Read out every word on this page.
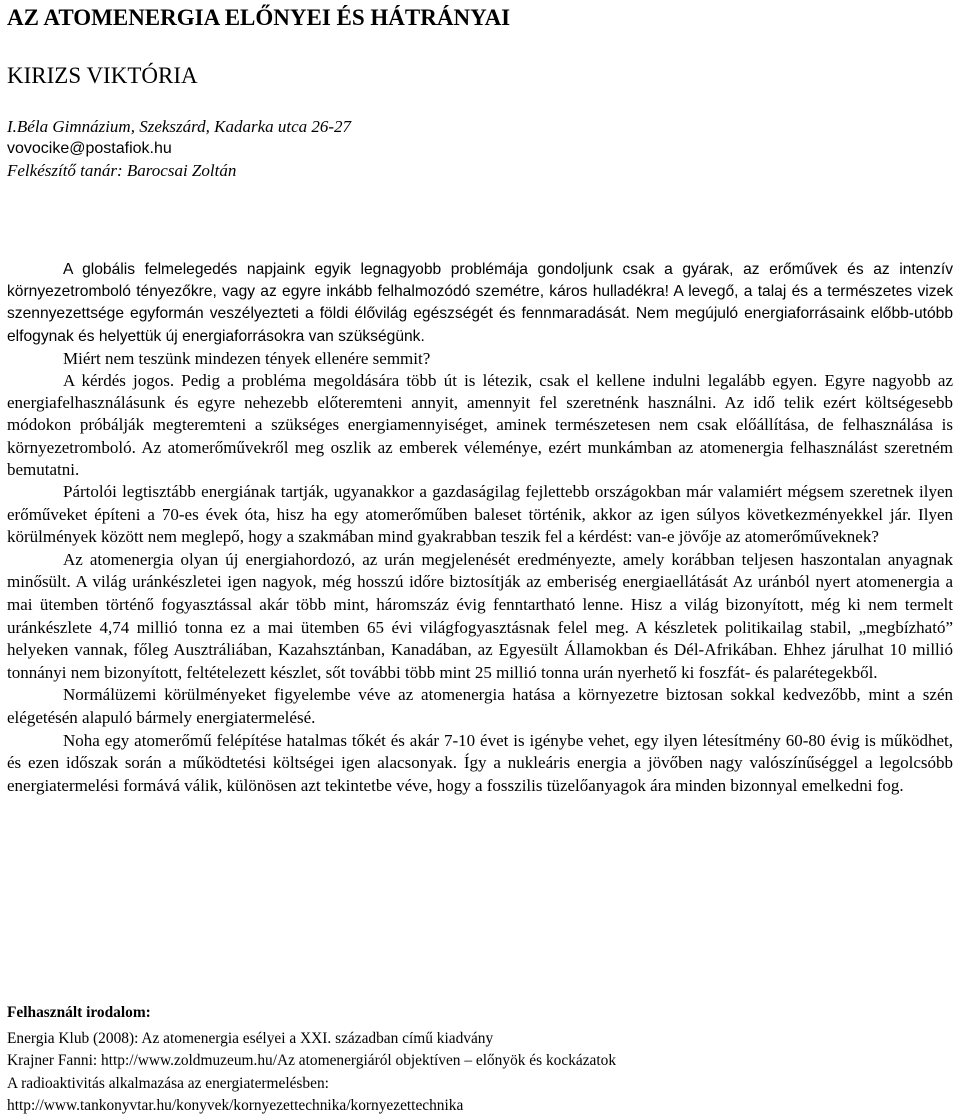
AZ ATOMENERGIA ELŐNYEI ÉS HÁTRÁNYAI
KIRIZS VIKTÓRIA
I.Béla Gimnázium, Szekszárd, Kadarka utca 26-27
vovocike@postafiok.hu
Felkészítő tanár: Barocsai Zoltán

A globális felmelegedés napjaink egyik legnagyobb problémája gondoljunk csak a gyárak, az erőművek és az intenzív környezetromboló tényezőkre, vagy az egyre inkább felhalmozódó szemétre, káros hulladékra! A levegő, a talaj és a természetes vizek szennyezettsége egyformán veszélyezteti a földi élővilág egészségét és fennmaradását. Nem megújuló energiaforrásaink előbb-utóbb elfogynak és helyettük új energiaforrásokra van szükségünk.

Miért nem teszünk mindezen tények ellenére semmit?

A kérdés jogos. Pedig a probléma megoldására több út is létezik, csak el kellene indulni legalább egyen. Egyre nagyobb az energiafelhasználásunk és egyre nehezebb előteremteni annyit, amennyit fel szeretnénk használni. Az idő telik ezért költségesebb módokon próbálják megteremteni a szükséges energiamennyiséget, aminek természetesen nem csak előállítása, de felhasználása is környezetromboló. Az atomerőművekről meg oszlik az emberek véleménye, ezért munkámban az atomenergia felhasználást szeretném bemutatni.

Pártolói legtisztább energiának tartják, ugyanakkor a gazdaságilag fejlettebb országokban már valamiért mégsem szeretnek ilyen erőműveket építeni a 70-es évek óta, hisz ha egy atomerőműben baleset történik, akkor az igen súlyos következményekkel jár. Ilyen körülmények között nem meglepő, hogy a szakmában mind gyakrabban teszik fel a kérdést: van-e jövője az atomerőműveknek?

Az atomenergia olyan új energiahordozó, az urán megjelenését eredményezte, amely korábban teljesen haszontalan anyagnak minősült. A világ uránkészletei igen nagyok, még hosszú időre biztosítják az emberiség energiaellátását Az uránból nyert atomenergia a mai ütemben történő fogyasztással akár több mint, háromszáz évig fenntartható lenne. Hisz a világ bizonyított, még ki nem termelt uránkészlete 4,74 millió tonna ez a mai ütemben 65 évi világfogyasztásnak felel meg. A készletek politikailag stabil, „megbízható” helyeken vannak, főleg Ausztráliában, Kazahsztánban, Kanadában, az Egyesült Államokban és Dél-Afrikában. Ehhez járulhat 10 millió tonnányi nem bizonyított, feltételezett készlet, sőt további több mint 25 millió tonna urán nyerhető ki foszfát- és palarétegekből.

Normálüzemi körülményeket figyelembe véve az atomenergia hatása a környezetre biztosan sokkal kedvezőbb, mint a szén elégetésén alapuló bármely energiatermelésé.

Noha egy atomerőmű felépítése hatalmas tőkét és akár 7-10 évet is igénybe vehet, egy ilyen létesítmény 60-80 évig is működhet, és ezen időszak során a működtetési költségei igen alacsonyak. Így a nukleáris energia a jövőben nagy valószínűséggel a legolcsóbb energiatermelési formává válik, különösen azt tekintetbe véve, hogy a fosszilis tüzelőanyagok ára minden bizonnyal emelkedni fog.

Felhasznált irodalom:
Energia Klub (2008): Az atomenergia esélyei a XXI. században című kiadvány
Krajner Fanni: http://www.zoldmuzeum.hu/Az atomenergiáról objektíven – előnyök és kockázatok
A radioaktivitás alkalmazása az energiatermelésben:
http://www.tankonyvtar.hu/konyvek/kornyezettechnika/kornyezettechnika
